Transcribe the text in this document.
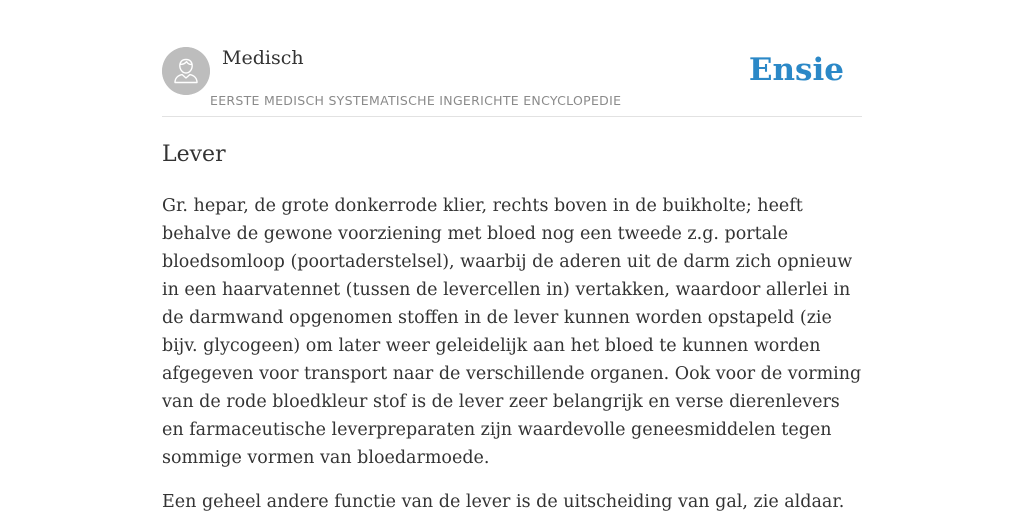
Medisch
EERSTE MEDISCH SYSTEMATISCHE INGERICHTE ENCYCLOPEDIE
Ensie
Lever

Gr. hepar, de grote donkerrode klier, rechts boven in de buikholte; heeft behalve de gewone voorziening met bloed nog een tweede z.g. portale bloedsomloop (poortaderstelsel), waarbij de aderen uit de darm zich opnieuw in een haarvatennet (tussen de levercellen in) vertakken, waardoor allerlei in de darmwand opgenomen stoffen in de lever kunnen worden opstapeld (zie bijv. glycogeen) om later weer geleidelijk aan het bloed te kunnen worden afgegeven voor transport naar de verschillende organen. Ook voor de vorming van de rode bloedkleur stof is de lever zeer belangrijk en verse dierenlevers en farmaceutische leverpreparaten zijn waardevolle geneesmiddelen tegen sommige vormen van bloedarmoede.

Een geheel andere functie van de lever is de uitscheiding van gal, zie aldaar.
